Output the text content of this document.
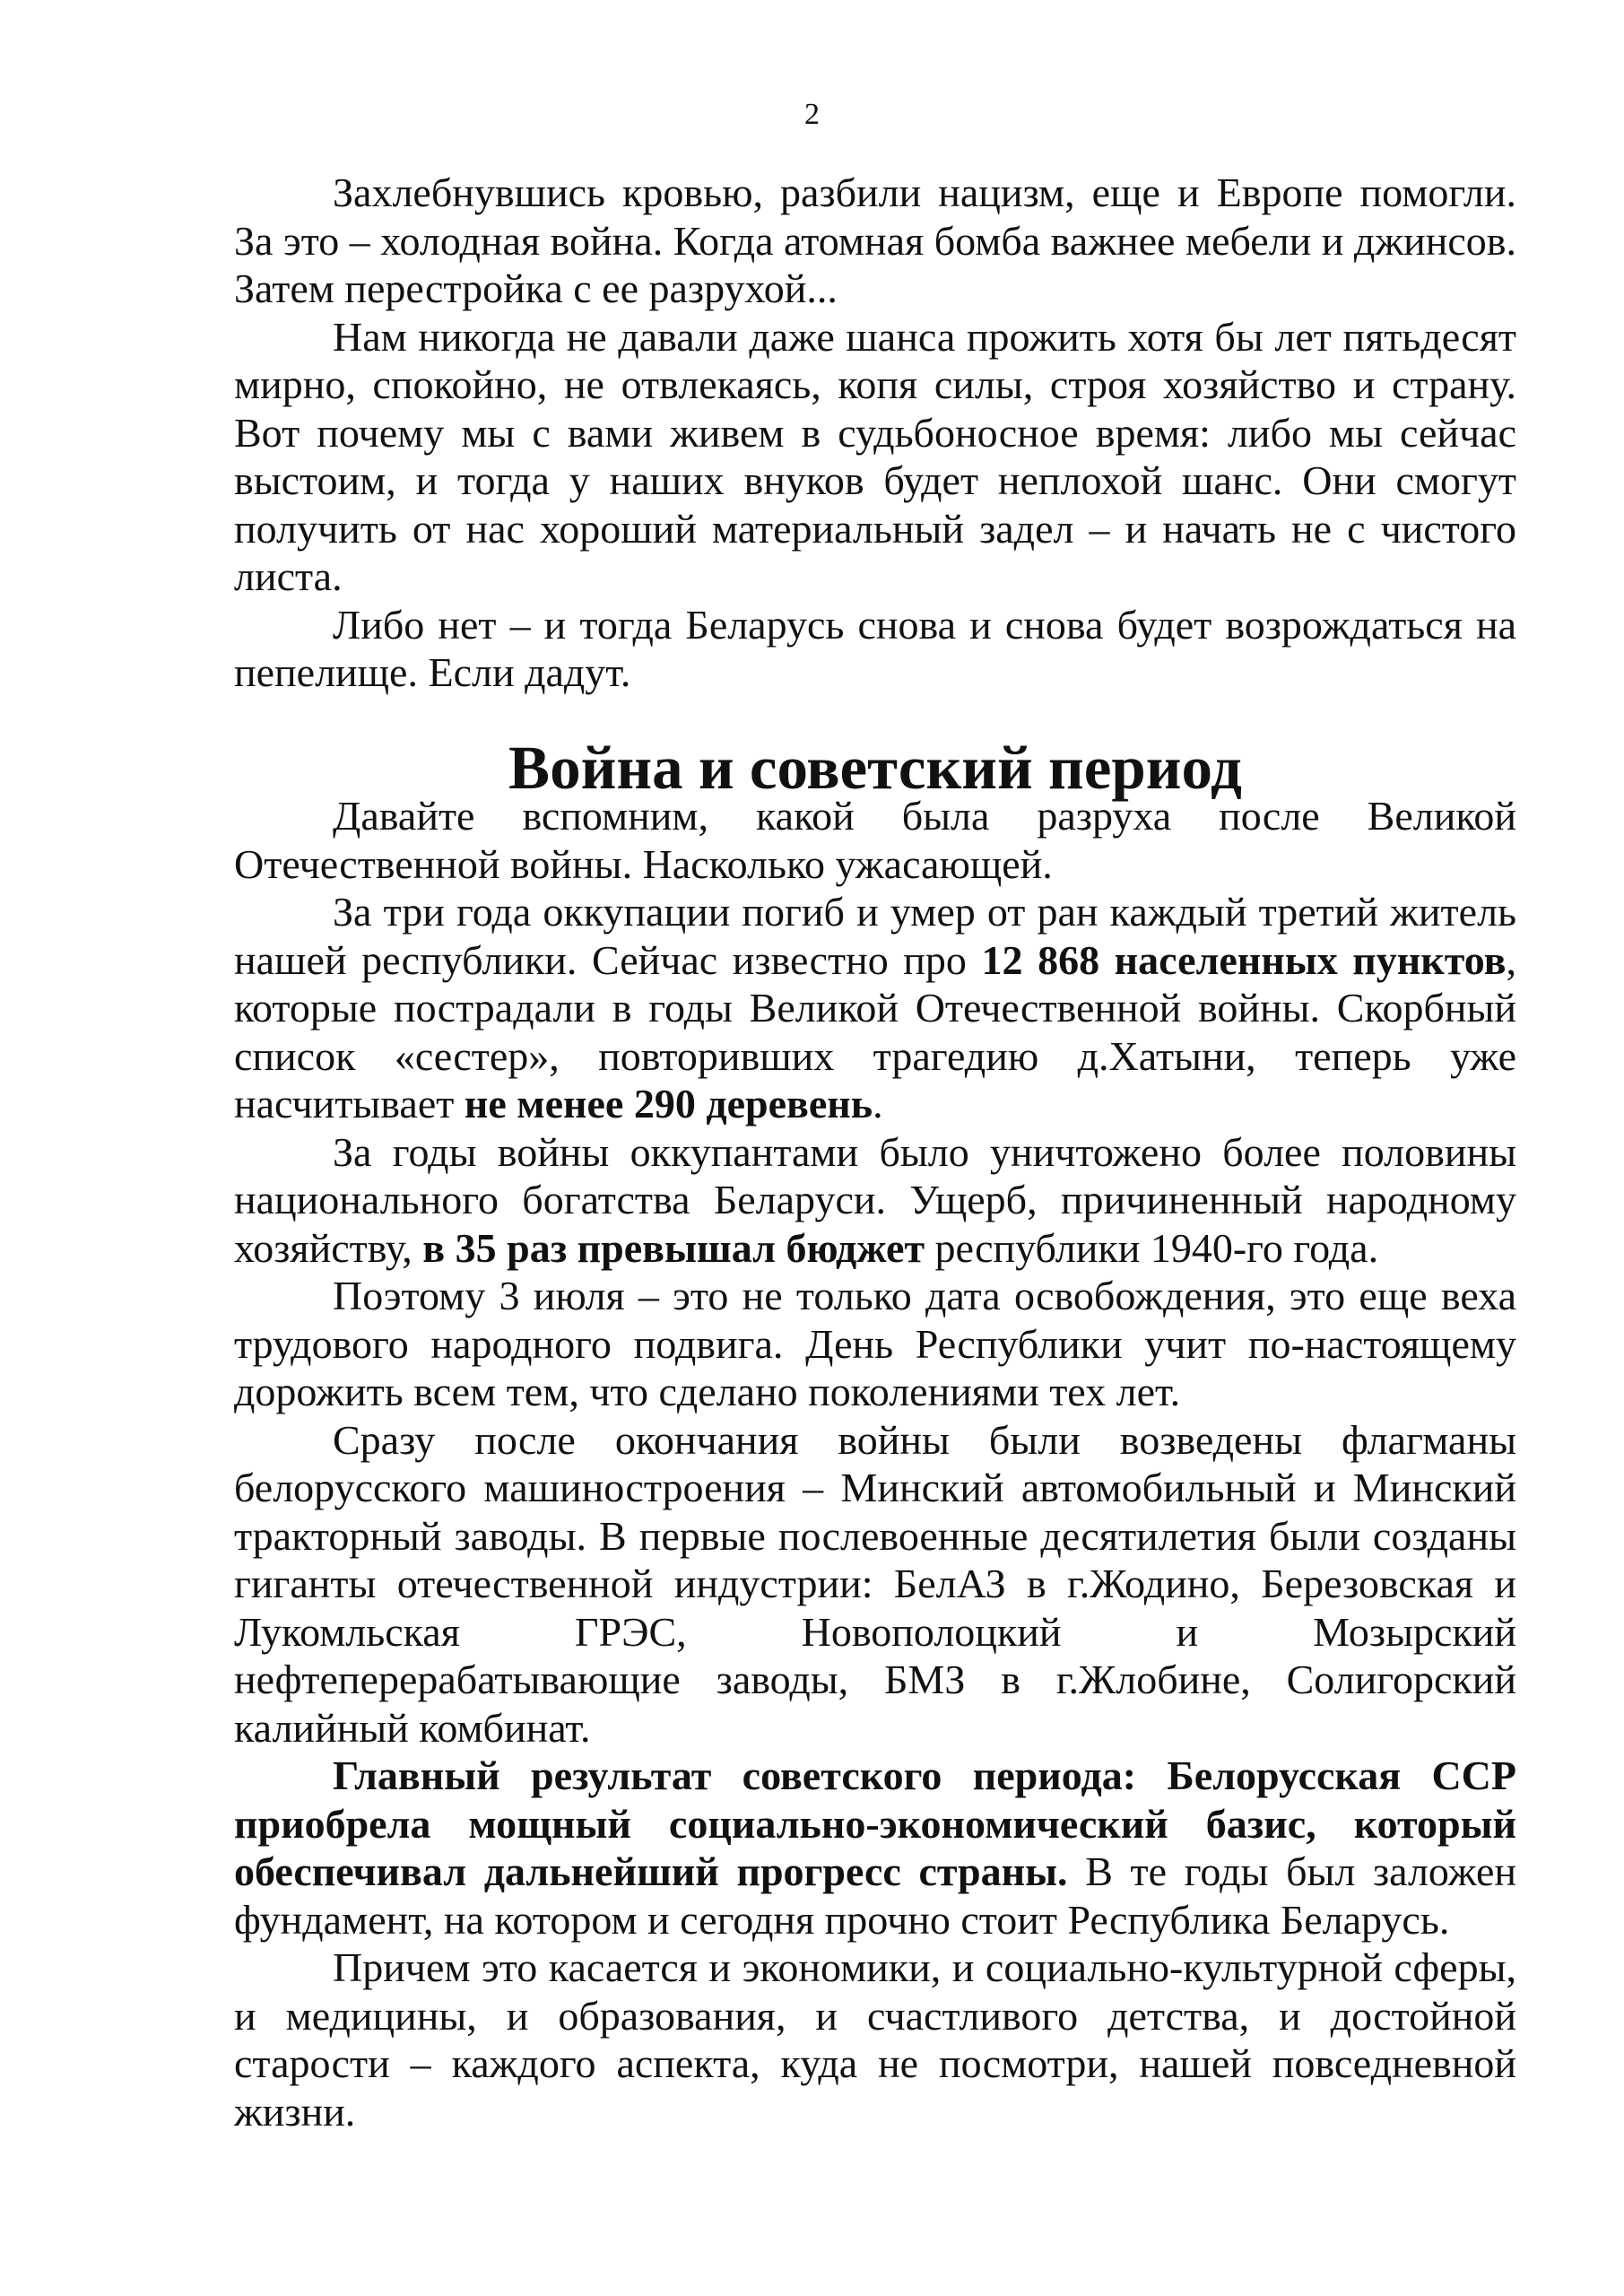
2

Захлебнувшись кровью, разбили нацизм, еще и Европе помогли. За это – холодная война. Когда атомная бомба важнее мебели и джинсов. Затем перестройка с ее разрухой...

Нам никогда не давали даже шанса прожить хотя бы лет пятьдесят мирно, спокойно, не отвлекаясь, копя силы, строя хозяйство и страну. Вот почему мы с вами живем в судьбоносное время: либо мы сейчас выстоим, и тогда у наших внуков будет неплохой шанс. Они смогут получить от нас хороший материальный задел – и начать не с чистого листа.

Либо нет – и тогда Беларусь снова и снова будет возрождаться на пепелище. Если дадут.

Война и советский период

Давайте вспомним, какой была разруха после Великой Отечественной войны. Насколько ужасающей.

За три года оккупации погиб и умер от ран каждый третий житель нашей республики. Сейчас известно про 12 868 населенных пунктов, которые пострадали в годы Великой Отечественной войны. Скорбный список «сестер», повторивших трагедию д.Хатыни, теперь уже насчитывает не менее 290 деревень.

За годы войны оккупантами было уничтожено более половины национального богатства Беларуси. Ущерб, причиненный народному хозяйству, в 35 раз превышал бюджет республики 1940-го года.

Поэтому 3 июля – это не только дата освобождения, это еще веха трудового народного подвига. День Республики учит по-настоящему дорожить всем тем, что сделано поколениями тех лет.

Сразу после окончания войны были возведены флагманы белорусского машиностроения – Минский автомобильный и Минский тракторный заводы. В первые послевоенные десятилетия были созданы гиганты отечественной индустрии: БелАЗ в г.Жодино, Березовская и Лукомльская ГРЭС, Новополоцкий и Мозырский нефтеперерабатывающие заводы, БМЗ в г.Жлобине, Солигорский калийный комбинат.

Главный результат советского периода: Белорусская ССР приобрела мощный социально-экономический базис, который обеспечивал дальнейший прогресс страны. В те годы был заложен фундамент, на котором и сегодня прочно стоит Республика Беларусь.

Причем это касается и экономики, и социально-культурной сферы, и медицины, и образования, и счастливого детства, и достойной старости – каждого аспекта, куда не посмотри, нашей повседневной жизни.
